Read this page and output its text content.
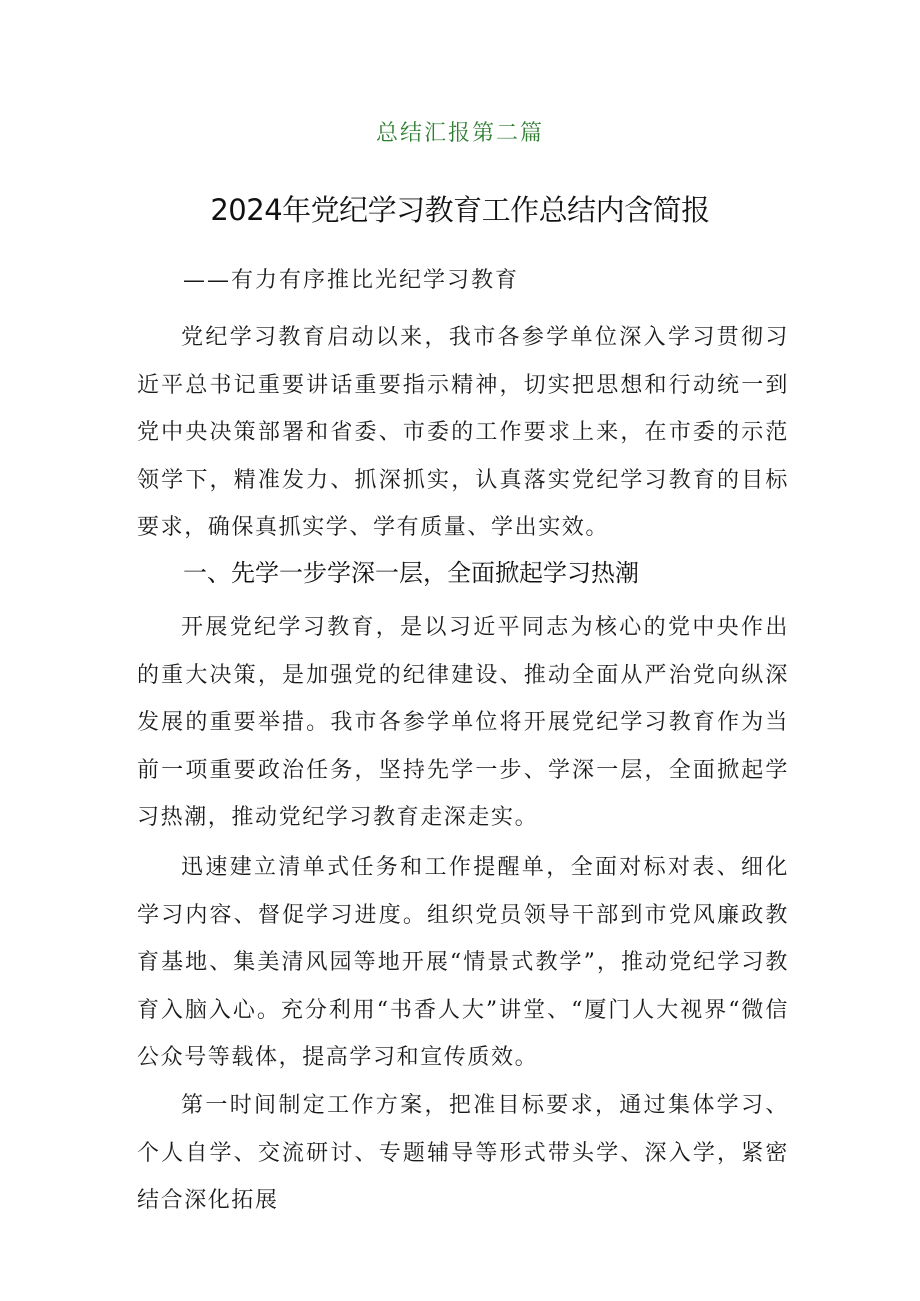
总结汇报第二篇
2024年党纪学习教育工作总结内含简报
——有力有序推比光纪学习教育

党纪学习教育启动以来，我市各参学单位深入学习贯彻习近平总书记重要讲话重要指示精神，切实把思想和行动统一到党中央决策部署和省委、市委的工作要求上来，在市委的示范领学下，精准发力、抓深抓实，认真落实党纪学习教育的目标要求，确保真抓实学、学有质量、学出实效。

一、先学一步学深一层，全面掀起学习热潮

开展党纪学习教育，是以习近平同志为核心的党中央作出的重大决策，是加强党的纪律建设、推动全面从严治党向纵深发展的重要举措。我市各参学单位将开展党纪学习教育作为当前一项重要政治任务，坚持先学一步、学深一层，全面掀起学习热潮，推动党纪学习教育走深走实。

迅速建立清单式任务和工作提醒单，全面对标对表、细化学习内容、督促学习进度。组织党员领导干部到市党风廉政教育基地、集美清风园等地开展“情景式教学”，推动党纪学习教育入脑入心。充分利用“书香人大”讲堂、“厦门人大视界“微信公众号等载体，提高学习和宣传质效。

第一时间制定工作方案，把准目标要求，通过集体学习、个人自学、交流研讨、专题辅导等形式带头学、深入学，紧密结合深化拓展
